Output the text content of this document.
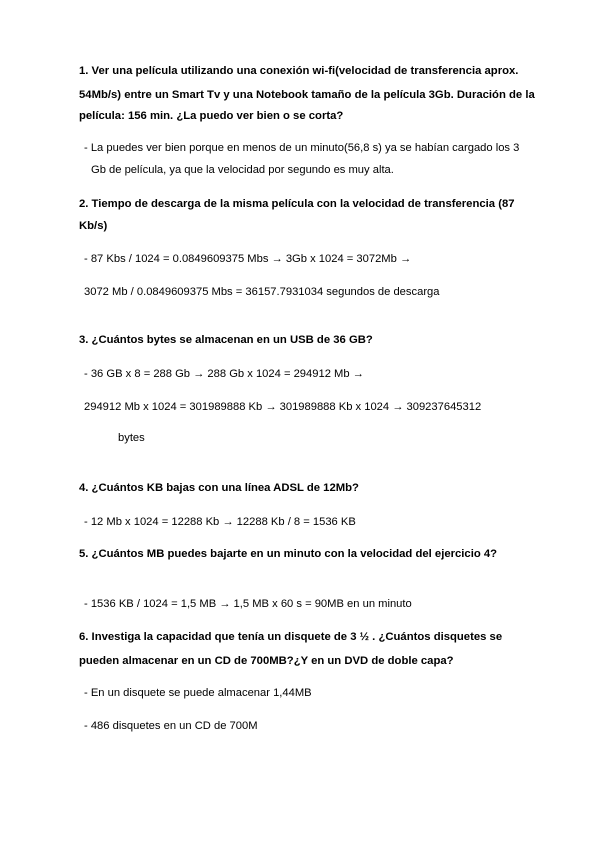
1. Ver una película utilizando una conexión wi-fi(velocidad de transferencia aprox.
54Mb/s) entre un Smart Tv y una Notebook tamaño de la película 3Gb. Duración de la
película: 156 min. ¿La puedo ver bien o se corta?
- La puedes ver bien porque en menos de un minuto(56,8 s) ya se habían cargado los 3
Gb de película, ya que la velocidad por segundo es muy alta.
2. Tiempo de descarga de la misma película con la velocidad de transferencia (87
Kb/s)
- 87 Kbs / 1024 = 0.0849609375 Mbs → 3Gb x 1024 = 3072Mb →
3072 Mb / 0.0849609375 Mbs = 36157.7931034 segundos de descarga
3. ¿Cuántos bytes se almacenan en un USB de 36 GB?
- 36 GB x 8 = 288 Gb → 288 Gb x 1024 = 294912 Mb →
294912 Mb x 1024 = 301989888 Kb → 301989888 Kb x 1024 → 309237645312
bytes
4. ¿Cuántos KB bajas con una línea ADSL de 12Mb?
- 12 Mb x 1024 = 12288 Kb → 12288 Kb / 8 = 1536 KB
5. ¿Cuántos MB puedes bajarte en un minuto con la velocidad del ejercicio 4?
- 1536 KB / 1024 = 1,5 MB → 1,5 MB x 60 s = 90MB en un minuto
6. Investiga la capacidad que tenía un disquete de 3 ½ . ¿Cuántos disquetes se
pueden almacenar en un CD de 700MB?¿Y en un DVD de doble capa?
- En un disquete se puede almacenar 1,44MB
- 486 disquetes en un CD de 700M
